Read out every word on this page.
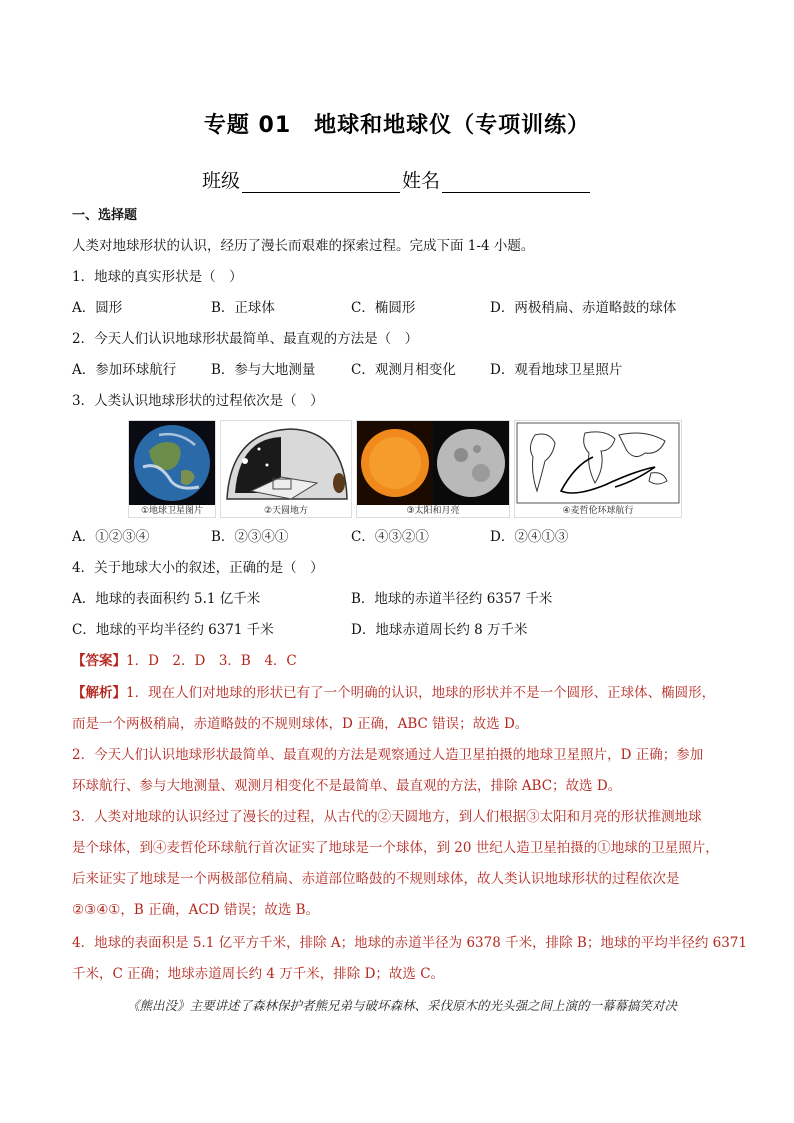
专题 01　地球和地球仪（专项训练）
班级	姓名
一、选择题
人类对地球形状的认识，经历了漫长而艰难的探索过程。完成下面 1-4 小题。
1．地球的真实形状是（　）
A．圆形	B．正球体	C．椭圆形	D．两极稍扁、赤道略鼓的球体
2．今天人们认识地球形状最简单、最直观的方法是（　）
A．参加环球航行	B．参与大地测量	C．观测月相变化	D．观看地球卫星照片
3．人类认识地球形状的过程依次是（　）
①地球卫星图片	②天圆地方	③太阳和月亮	④麦哲伦环球航行
A．①②③④	B．②③④①	C．④③②①	D．②④①③
4．关于地球大小的叙述，正确的是（　）
A．地球的表面积约 5.1 亿千米	B．地球的赤道半径约 6357 千米
C．地球的平均半径约 6371 千米	D．地球赤道周长约 8 万千米
【答案】1．D　2．D　3．B　4．C
【解析】1．现在人们对地球的形状已有了一个明确的认识，地球的形状并不是一个圆形、正球体、椭圆形，
而是一个两极稍扁，赤道略鼓的不规则球体，D 正确，ABC 错误；故选 D。
2．今天人们认识地球形状最简单、最直观的方法是观察通过人造卫星拍摄的地球卫星照片，D 正确；参加
环球航行、参与大地测量、观测月相变化不是最简单、最直观的方法，排除 ABC；故选 D。
3．人类对地球的认识经过了漫长的过程，从古代的②天圆地方，到人们根据③太阳和月亮的形状推测地球
是个球体，到④麦哲伦环球航行首次证实了地球是一个球体，到 20 世纪人造卫星拍摄的①地球的卫星照片，
后来证实了地球是一个两极部位稍扁、赤道部位略鼓的不规则球体，故人类认识地球形状的过程依次是
②③④①，B 正确，ACD 错误；故选 B。
4．地球的表面积是 5.1 亿平方千米，排除 A；地球的赤道半径为 6378 千米，排除 B；地球的平均半径约 6371
千米，C 正确；地球赤道周长约 4 万千米，排除 D；故选 C。
《熊出没》主要讲述了森林保护者熊兄弟与破坏森林、采伐原木的光头强之间上演的一幕幕搞笑对决
